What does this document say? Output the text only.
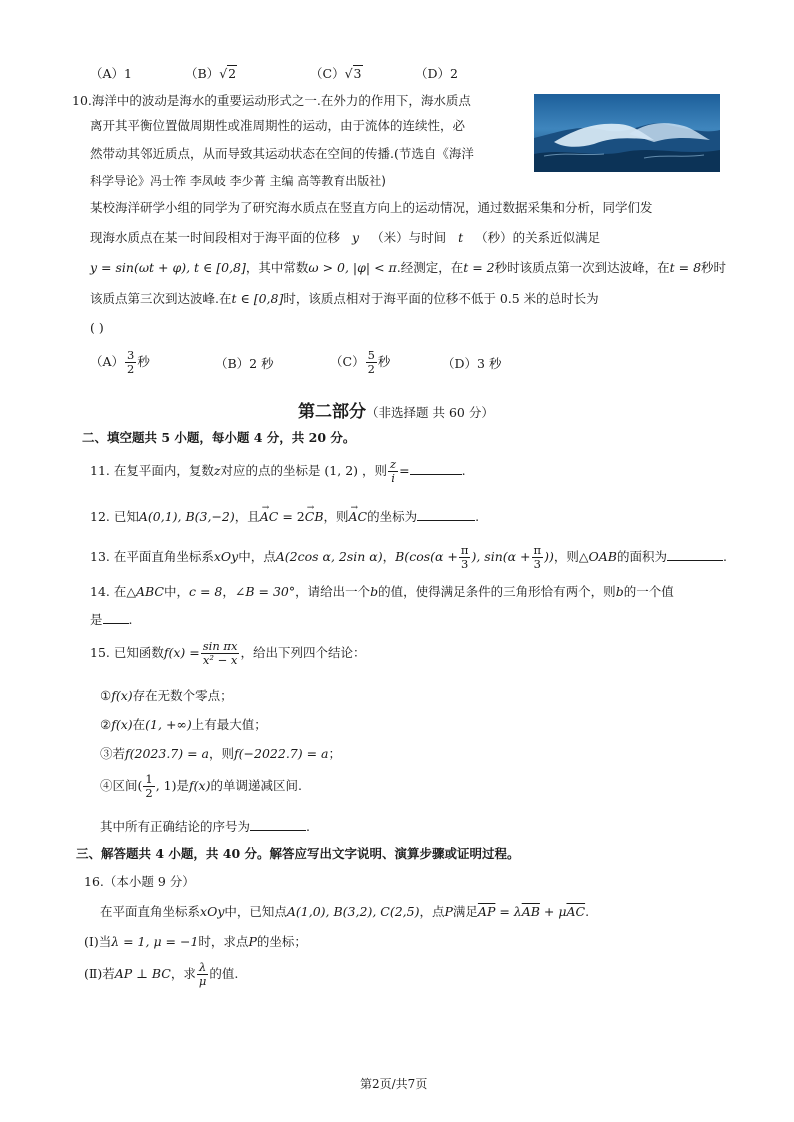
（A）1	（B）√2	（C）√3	（D）2
10.海洋中的波动是海水的重要运动形式之一.在外力的作用下，海水质点
离开其平衡位置做周期性或准周期性的运动，由于流体的连续性，必
然带动其邻近质点，从而导致其运动状态在空间的传播.(节选自《海洋
科学导论》冯士筰 李凤岐 李少菁 主编 高等教育出版社)
某校海洋研学小组的同学为了研究海水质点在竖直方向上的运动情况，通过数据采集和分析，同学们发
现海水质点在某一时间段相对于海平面的位移 y （米）与时间 t （秒）的关系近似满足
y = sin(ωt + φ), t ∈ [0,8]，其中常数ω > 0, |φ| < π.经测定，在t = 2秒时该质点第一次到达波峰，在t = 8秒时
该质点第三次到达波峰.在t ∈ [0,8]时，该质点相对于海平面的位移不低于 0.5 米的总时长为
( )
$(A) \frac{3}{2}$ 秒	（B）2 秒	$(C) \frac{5}{2}$ 秒	（D）3 秒
第二部分（非选择题 共 60 分）
二、填空题共 5 小题，每小题 4 分，共 20 分。
11. 在复平面内，复数z对应的点的坐标是 (1, 2) ，则 $\frac{z}{i}$ =	.
12. 已知A(0,1), B(3,−2)，且→ AC = 2→ CB，则→ AC的坐标为	.
13. 在平面直角坐标系xOy中，点A(2cos α, 2sin α)，$B(\cos(\alpha + \frac{\pi}{3}$ ), $\sin(\alpha + \frac{\pi}{3}$ ))，则△OAB的面积为	.
14. 在△ABC中，c = 8，∠B = 30°，请给出一个b的值，使得满足条件的三角形恰有两个，则b的一个值
是 .
15. 已知函数$f(x) = \frac{\text{sin πx}}{\text{x² − x}}$ ，给出下列四个结论：
①f(x)存在无数个零点；
②f(x)在(1, +∞)上有最大值；
③若f(2023.7) = a，则f(−2022.7) = a；
④区间( $\frac{1}{2}$ , 1)是f(x)的单调递减区间.
其中所有正确结论的序号为	.
三、解答题共 4 小题，共 40 分。解答应写出文字说明、演算步骤或证明过程。
16.（本小题 9 分）
在平面直角坐标系xOy中，已知点A(1,0), B(3,2), C(2,5)，点P满足$\overline{AP} = \lambda\overline{AB} + \mu\overline{AC}$.
(Ⅰ)当λ = 1, μ = −1时，求点P的坐标；
(Ⅱ)若AP ⊥ BC，求 $\frac{\lambda}{\mu}$ 的值.
第2页/共7页
